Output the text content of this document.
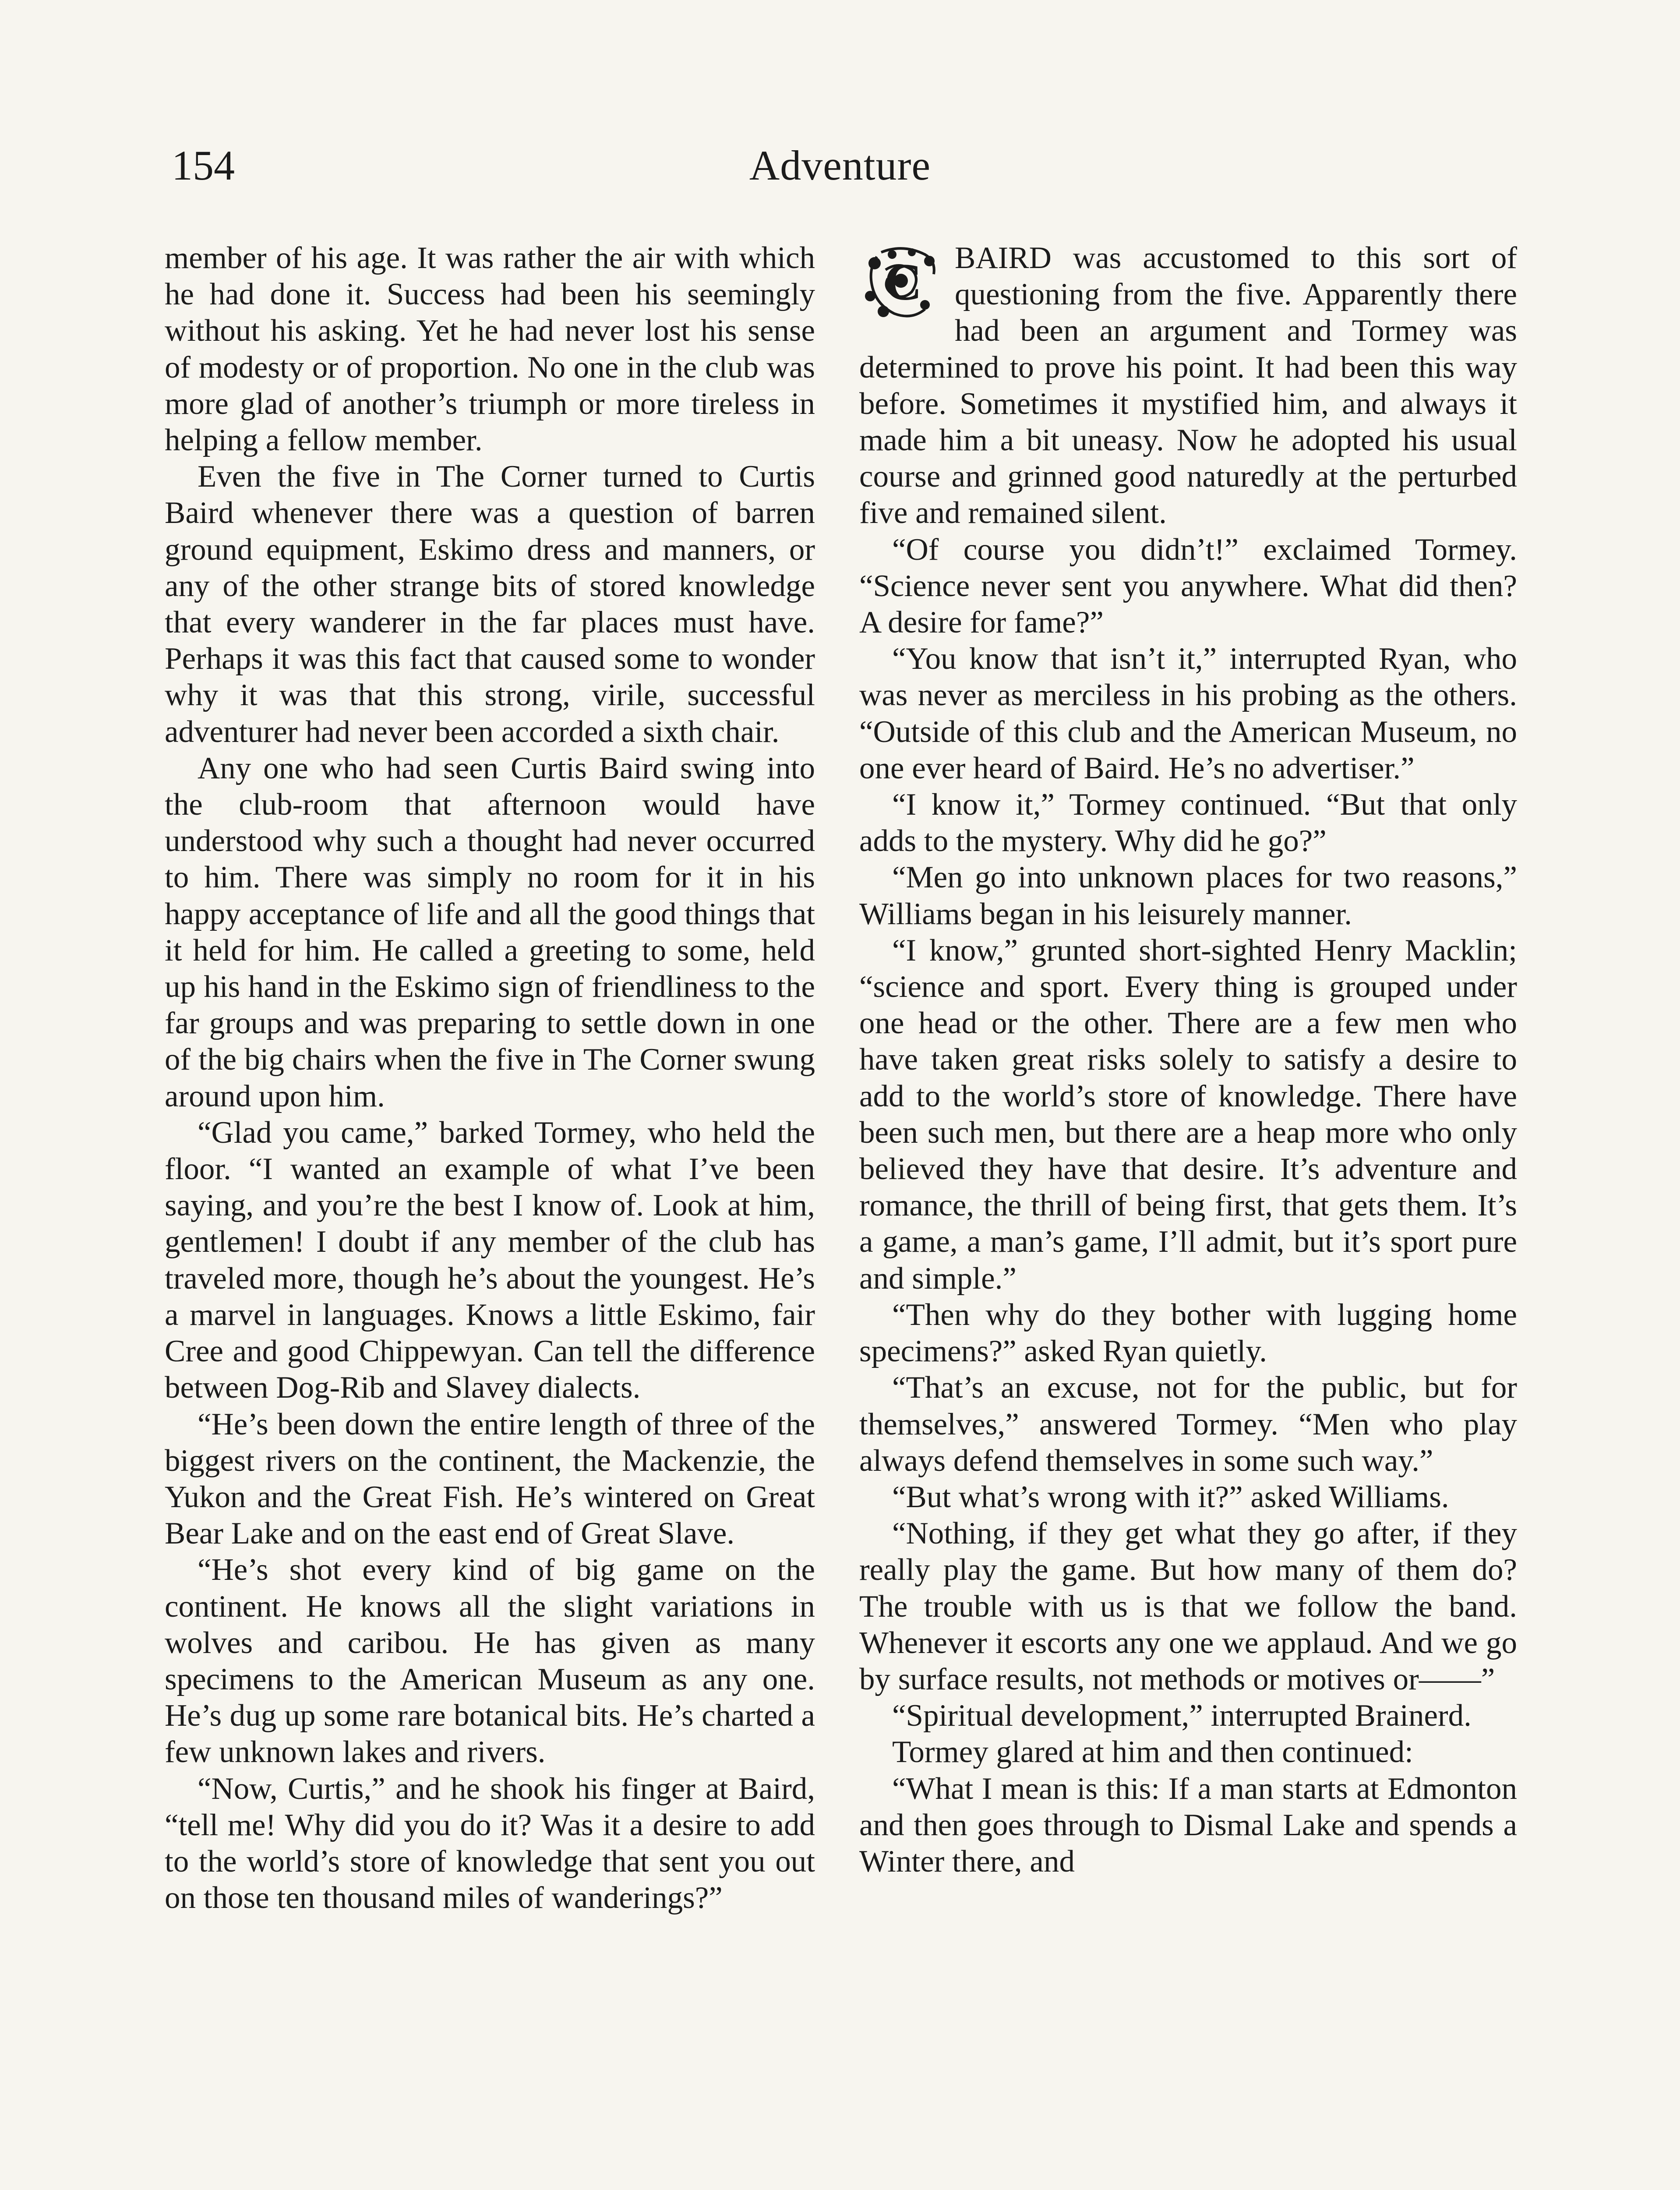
154	Adventure

member of his age. It was rather the air with which he had done it. Success had been his seemingly without his asking. Yet he had never lost his sense of modesty or of proportion. No one in the club was more glad of another’s triumph or more tireless in helping a fellow member.

Even the five in The Corner turned to Curtis Baird whenever there was a question of barren ground equipment, Eskimo dress and manners, or any of the other strange bits of stored knowledge that every wanderer in the far places must have. Perhaps it was this fact that caused some to wonder why it was that this strong, virile, successful adventurer had never been accorded a sixth chair.

Any one who had seen Curtis Baird swing into the club-room that afternoon would have understood why such a thought had never occurred to him. There was simply no room for it in his happy acceptance of life and all the good things that it held for him. He called a greeting to some, held up his hand in the Eskimo sign of friendliness to the far groups and was preparing to settle down in one of the big chairs when the five in The Corner swung around upon him.

“Glad you came,” barked Tormey, who held the floor. “I wanted an example of what I’ve been saying, and you’re the best I know of. Look at him, gentlemen! I doubt if any member of the club has traveled more, though he’s about the youngest. He’s a marvel in languages. Knows a little Eskimo, fair Cree and good Chippewyan. Can tell the difference between Dog-Rib and Slavey dialects.

“He’s been down the entire length of three of the biggest rivers on the continent, the Mackenzie, the Yukon and the Great Fish. He’s wintered on Great Bear Lake and on the east end of Great Slave.

“He’s shot every kind of big game on the continent. He knows all the slight variations in wolves and caribou. He has given as many specimens to the American Museum as any one. He’s dug up some rare botanical bits. He’s charted a few unknown lakes and rivers.

“Now, Curtis,” and he shook his finger at Baird, “tell me! Why did you do it? Was it a desire to add to the world’s store of knowledge that sent you out on those ten thousand miles of wanderings?”

C	BAIRD was accustomed to this sort of questioning from the five. Apparently there had been an argument and Tormey was determined to prove his point. It had been this way before. Sometimes it mystified him, and always it made him a bit uneasy. Now he adopted his usual course and grinned good naturedly at the perturbed five and remained silent.

“Of course you didn’t!” exclaimed Tormey. “Science never sent you anywhere. What did then? A desire for fame?”

“You know that isn’t it,” interrupted Ryan, who was never as merciless in his probing as the others. “Outside of this club and the American Museum, no one ever heard of Baird. He’s no advertiser.”

“I know it,” Tormey continued. “But that only adds to the mystery. Why did he go?”

“Men go into unknown places for two reasons,” Williams began in his leisurely manner.

“I know,” grunted short-sighted Henry Macklin; “science and sport. Every thing is grouped under one head or the other. There are a few men who have taken great risks solely to satisfy a desire to add to the world’s store of knowledge. There have been such men, but there are a heap more who only believed they have that desire. It’s adventure and romance, the thrill of being first, that gets them. It’s a game, a man’s game, I’ll admit, but it’s sport pure and simple.”

“Then why do they bother with lugging home specimens?” asked Ryan quietly.

“That’s an excuse, not for the public, but for themselves,” answered Tormey. “Men who play always defend themselves in some such way.”

“But what’s wrong with it?” asked Williams.

“Nothing, if they get what they go after, if they really play the game. But how many of them do? The trouble with us is that we follow the band. Whenever it escorts any one we applaud. And we go by surface results, not methods or motives or——”

“Spiritual development,” interrupted Brainerd.

Tormey glared at him and then continued:

“What I mean is this: If a man starts at Edmonton and then goes through to Dismal Lake and spends a Winter there, and
